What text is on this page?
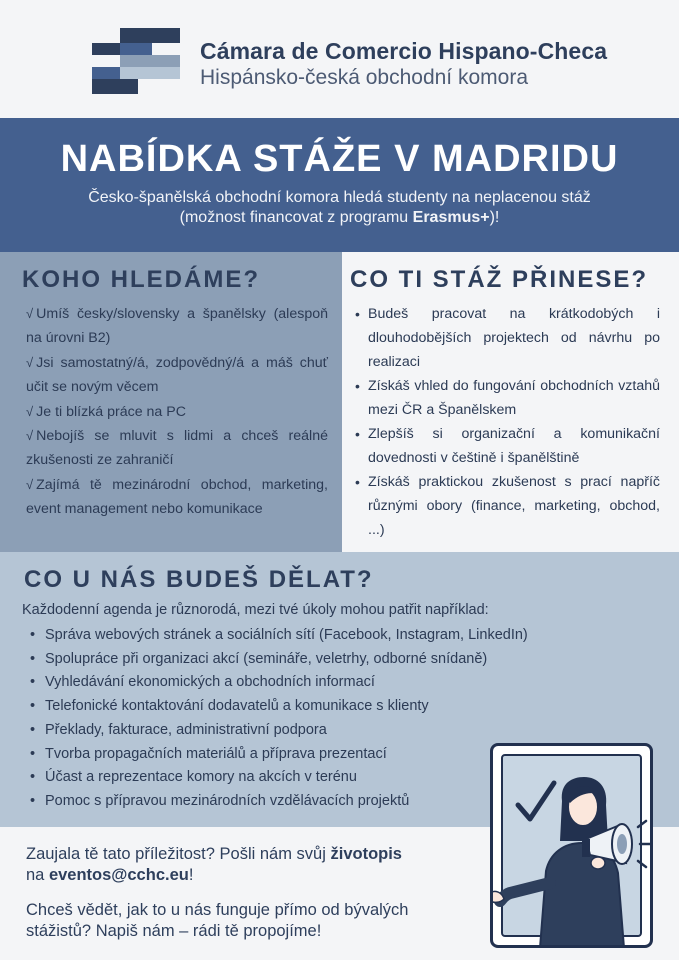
Cámara de Comercio Hispano-Checa
Hispánsko-česká obchodní komora
NABÍDKA STÁŽE V MADRIDU
Česko-španělská obchodní komora hledá studenty na neplacenou stáž
(možnost financovat z programu Erasmus+)!
KOHO HLEDÁME?
√ Umíš česky/slovensky a španělsky (alespoň na úrovni B2)
√ Jsi samostatný/á, zodpovědný/á a máš chuť učit se novým věcem
√ Je ti blízká práce na PC
√ Nebojíš se mluvit s lidmi a chceš reálné zkušenosti ze zahraničí
√ Zajímá tě mezinárodní obchod, marketing, event management nebo komunikace
CO TI STÁŽ PŘINESE?
• Budeš pracovat na krátkodobých i dlouhodobějších projektech od návrhu po realizaci
• Získáš vhled do fungování obchodních vztahů mezi ČR a Španělskem
• Zlepšíš si organizační a komunikační dovednosti v češtině i španělštině
• Získáš praktickou zkušenost s prací napříč různými obory (finance, marketing, obchod, ...)
CO U NÁS BUDEŠ DĚLAT?
Každodenní agenda je různorodá, mezi tvé úkoly mohou patřit například:
• Správa webových stránek a sociálních sítí (Facebook, Instagram, LinkedIn)
• Spolupráce při organizaci akcí (semináře, veletrhy, odborné snídaně)
• Vyhledávání ekonomických a obchodních informací
• Telefonické kontaktování dodavatelů a komunikace s klienty
• Překlady, fakturace, administrativní podpora
• Tvorba propagačních materiálů a příprava prezentací
• Účast a reprezentace komory na akcích v terénu
• Pomoc s přípravou mezinárodních vzdělávacích projektů
Zaujala tě tato příležitost? Pošli nám svůj životopis
na eventos@cchc.eu!
Chceš vědět, jak to u nás funguje přímo od bývalých stážistů? Napiš nám – rádi tě propojíme!
